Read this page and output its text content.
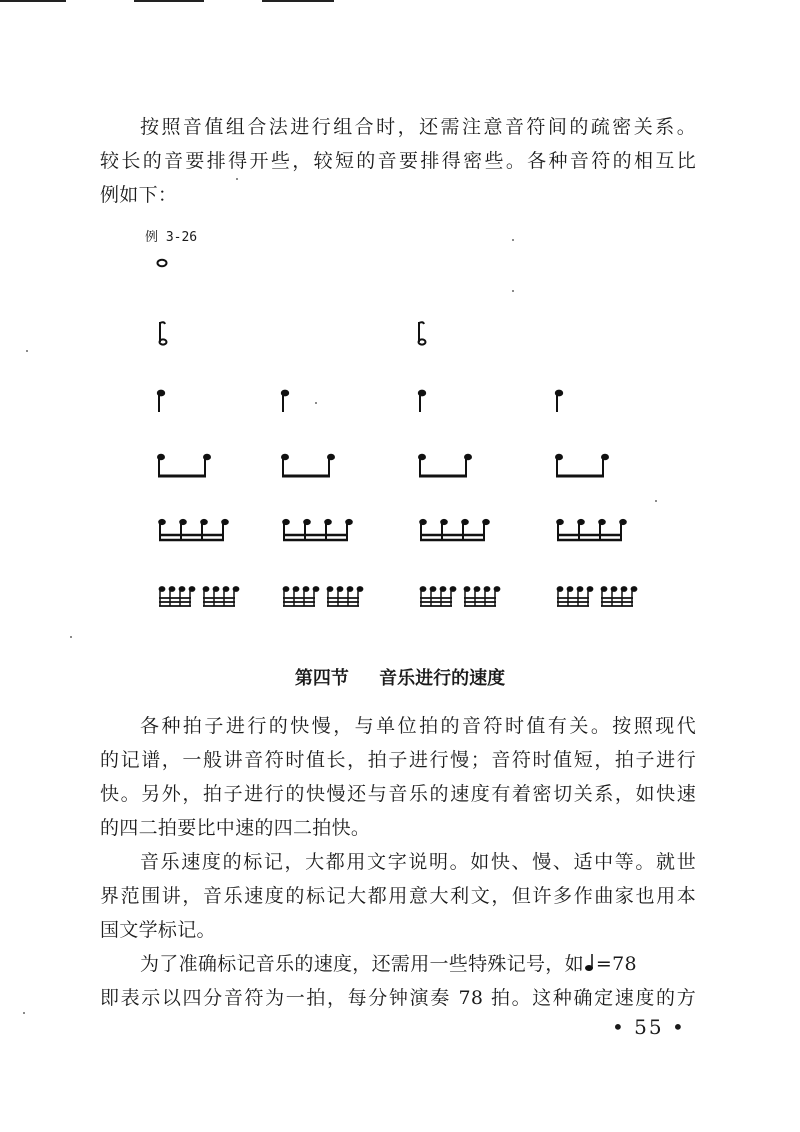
按照音值组合法进行组合时，还需注意音符间的疏密关系。
较长的音要排得开些，较短的音要排得密些。各种音符的相互比
例如下：
例 3-26
第四节 音乐进行的速度
各种拍子进行的快慢，与单位拍的音符时值有关。按照现代
的记谱，一般讲音符时值长，拍子进行慢；音符时值短，拍子进行
快。另外，拍子进行的快慢还与音乐的速度有着密切关系，如快速
的四二拍要比中速的四二拍快。
音乐速度的标记，大都用文字说明。如快、慢、适中等。就世
界范围讲，音乐速度的标记大都用意大利文，但许多作曲家也用本
国文学标记。
为了准确标记音乐的速度，还需用一些特殊记号，如 =78
即表示以四分音符为一拍，每分钟演奏 78 拍。这种确定速度的方
• 55 •
